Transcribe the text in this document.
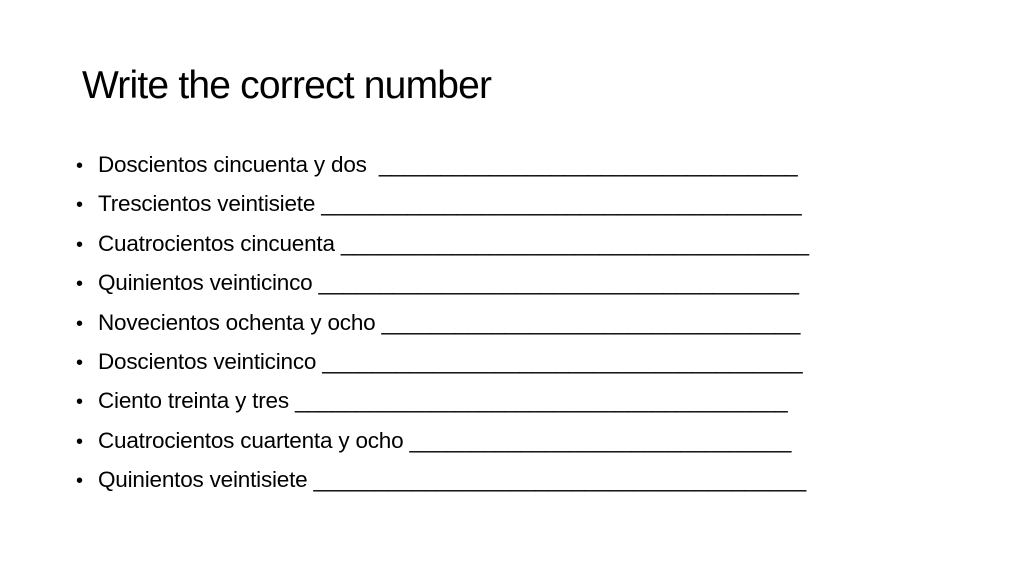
Write the correct number
• Doscientos cincuenta y dos __________________________________
• Trescientos veintisiete _______________________________________
• Cuatrocientos cincuenta ______________________________________
• Quinientos veinticinco _______________________________________
• Novecientos ochenta y ocho __________________________________
• Doscientos veinticinco _______________________________________
• Ciento treinta y tres ________________________________________
• Cuatrocientos cuartenta y ocho _______________________________
• Quinientos veintisiete ________________________________________
